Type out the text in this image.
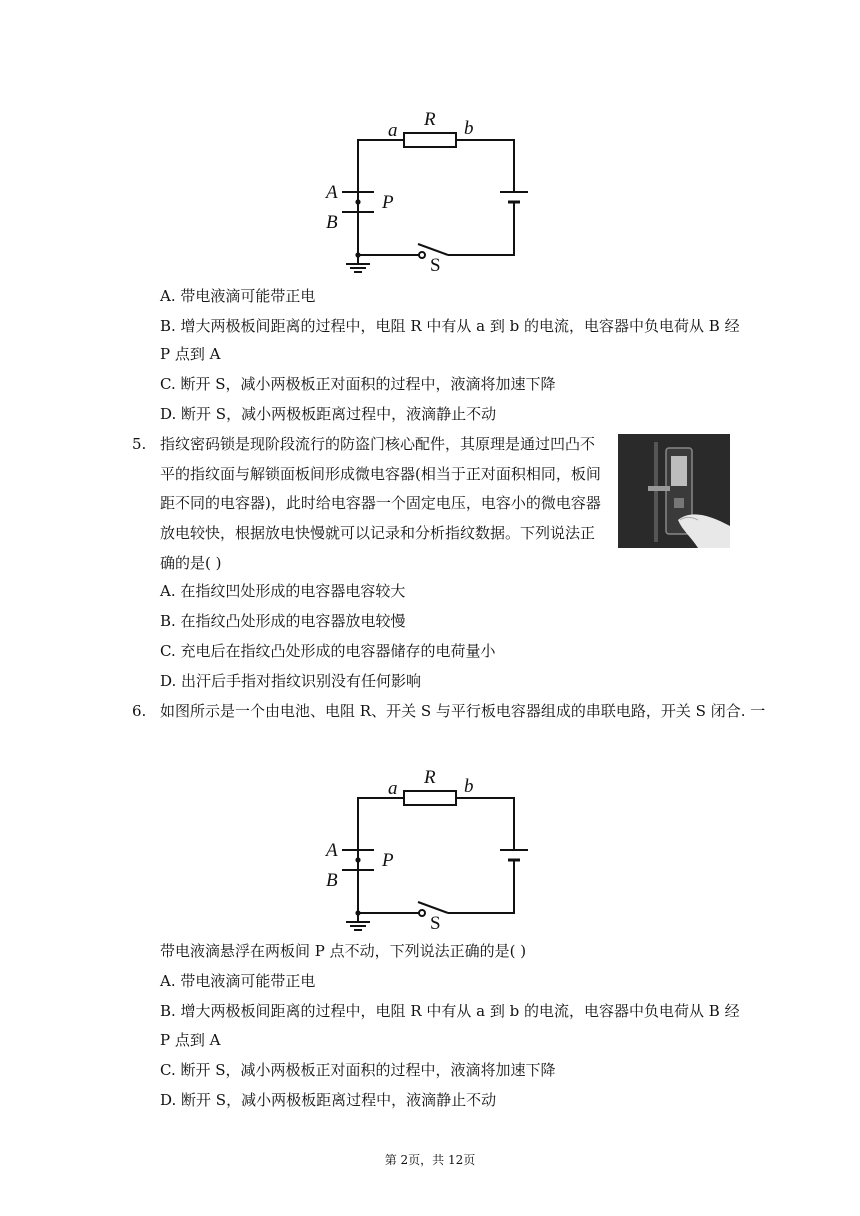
a
R b
A P
B
S
A. 带电液滴可能带正电
B. 增大两极板间距离的过程中，电阻 R 中有从 a 到 b 的电流，电容器中负电荷从 B 经
P 点到 A
C. 断开 S，减小两极板正对面积的过程中，液滴将加速下降
D. 断开 S，减小两极板距离过程中，液滴静止不动
5. 指纹密码锁是现阶段流行的防盗门核心配件，其原理是通过凹凸不
平的指纹面与解锁面板间形成微电容器(相当于正对面积相同，板间
距不同的电容器)，此时给电容器一个固定电压，电容小的微电容器
放电较快，根据放电快慢就可以记录和分析指纹数据。下列说法正
确的是( )
A. 在指纹凹处形成的电容器电容较大
B. 在指纹凸处形成的电容器放电较慢
C. 充电后在指纹凸处形成的电容器储存的电荷量小
D. 出汗后手指对指纹识别没有任何影响
6. 如图所示是一个由电池、电阻 R、开关 S 与平行板电容器组成的串联电路，开关 S 闭合. 一
a
R b
A P
B
S
带电液滴悬浮在两板间 P 点不动，下列说法正确的是( )
A. 带电液滴可能带正电
B. 增大两极板间距离的过程中，电阻 R 中有从 a 到 b 的电流，电容器中负电荷从 B 经
P 点到 A
C. 断开 S，减小两极板正对面积的过程中，液滴将加速下降
D. 断开 S，减小两极板距离过程中，液滴静止不动
第 2页，共 12页
